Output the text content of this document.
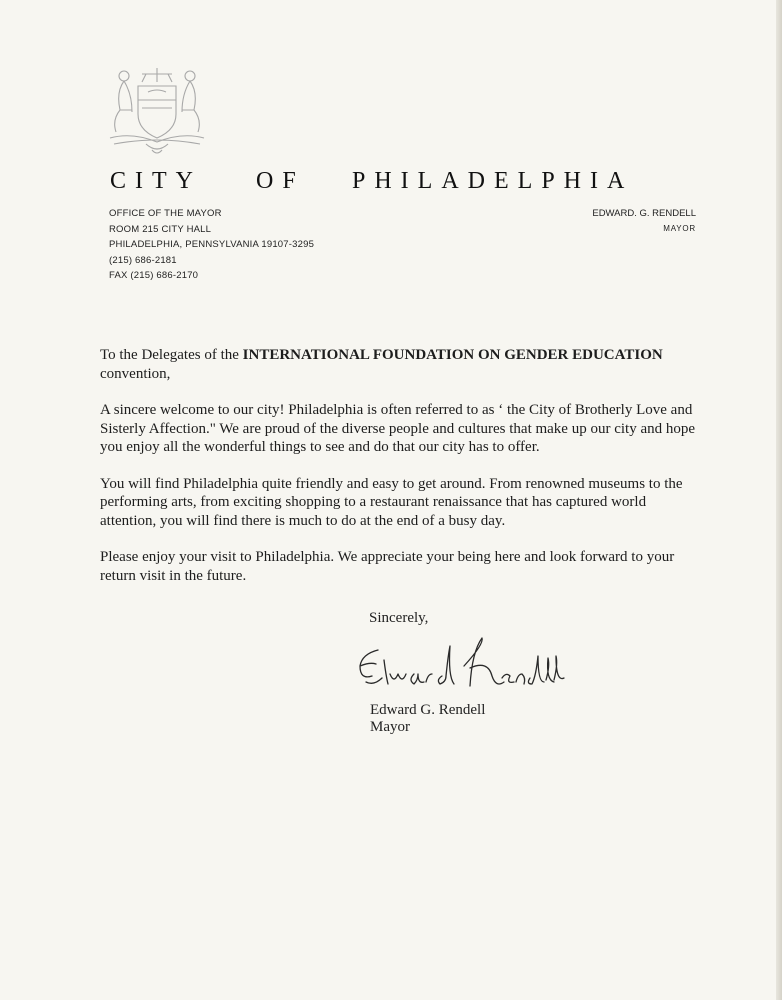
CITY OF PHILADELPHIA
OFFICE OF THE MAYOR
ROOM 215 CITY HALL
PHILADELPHIA, PENNSYLVANIA 19107-3295
(215) 686-2181
FAX (215) 686-2170
EDWARD. G. RENDELL
MAYOR

To the Delegates of the INTERNATIONAL FOUNDATION ON GENDER EDUCATION convention,

A sincere welcome to our city! Philadelphia is often referred to as ‘ the City of Brotherly Love and Sisterly Affection." We are proud of the diverse people and cultures that make up our city and hope you enjoy all the wonderful things to see and do that our city has to offer.

You will find Philadelphia quite friendly and easy to get around. From renowned museums to the performing arts, from exciting shopping to a restaurant renaissance that has captured world attention, you will find there is much to do at the end of a busy day.

Please enjoy your visit to Philadelphia. We appreciate your being here and look forward to your return visit in the future.

Sincerely,
Edward G. Rendell
Mayor
